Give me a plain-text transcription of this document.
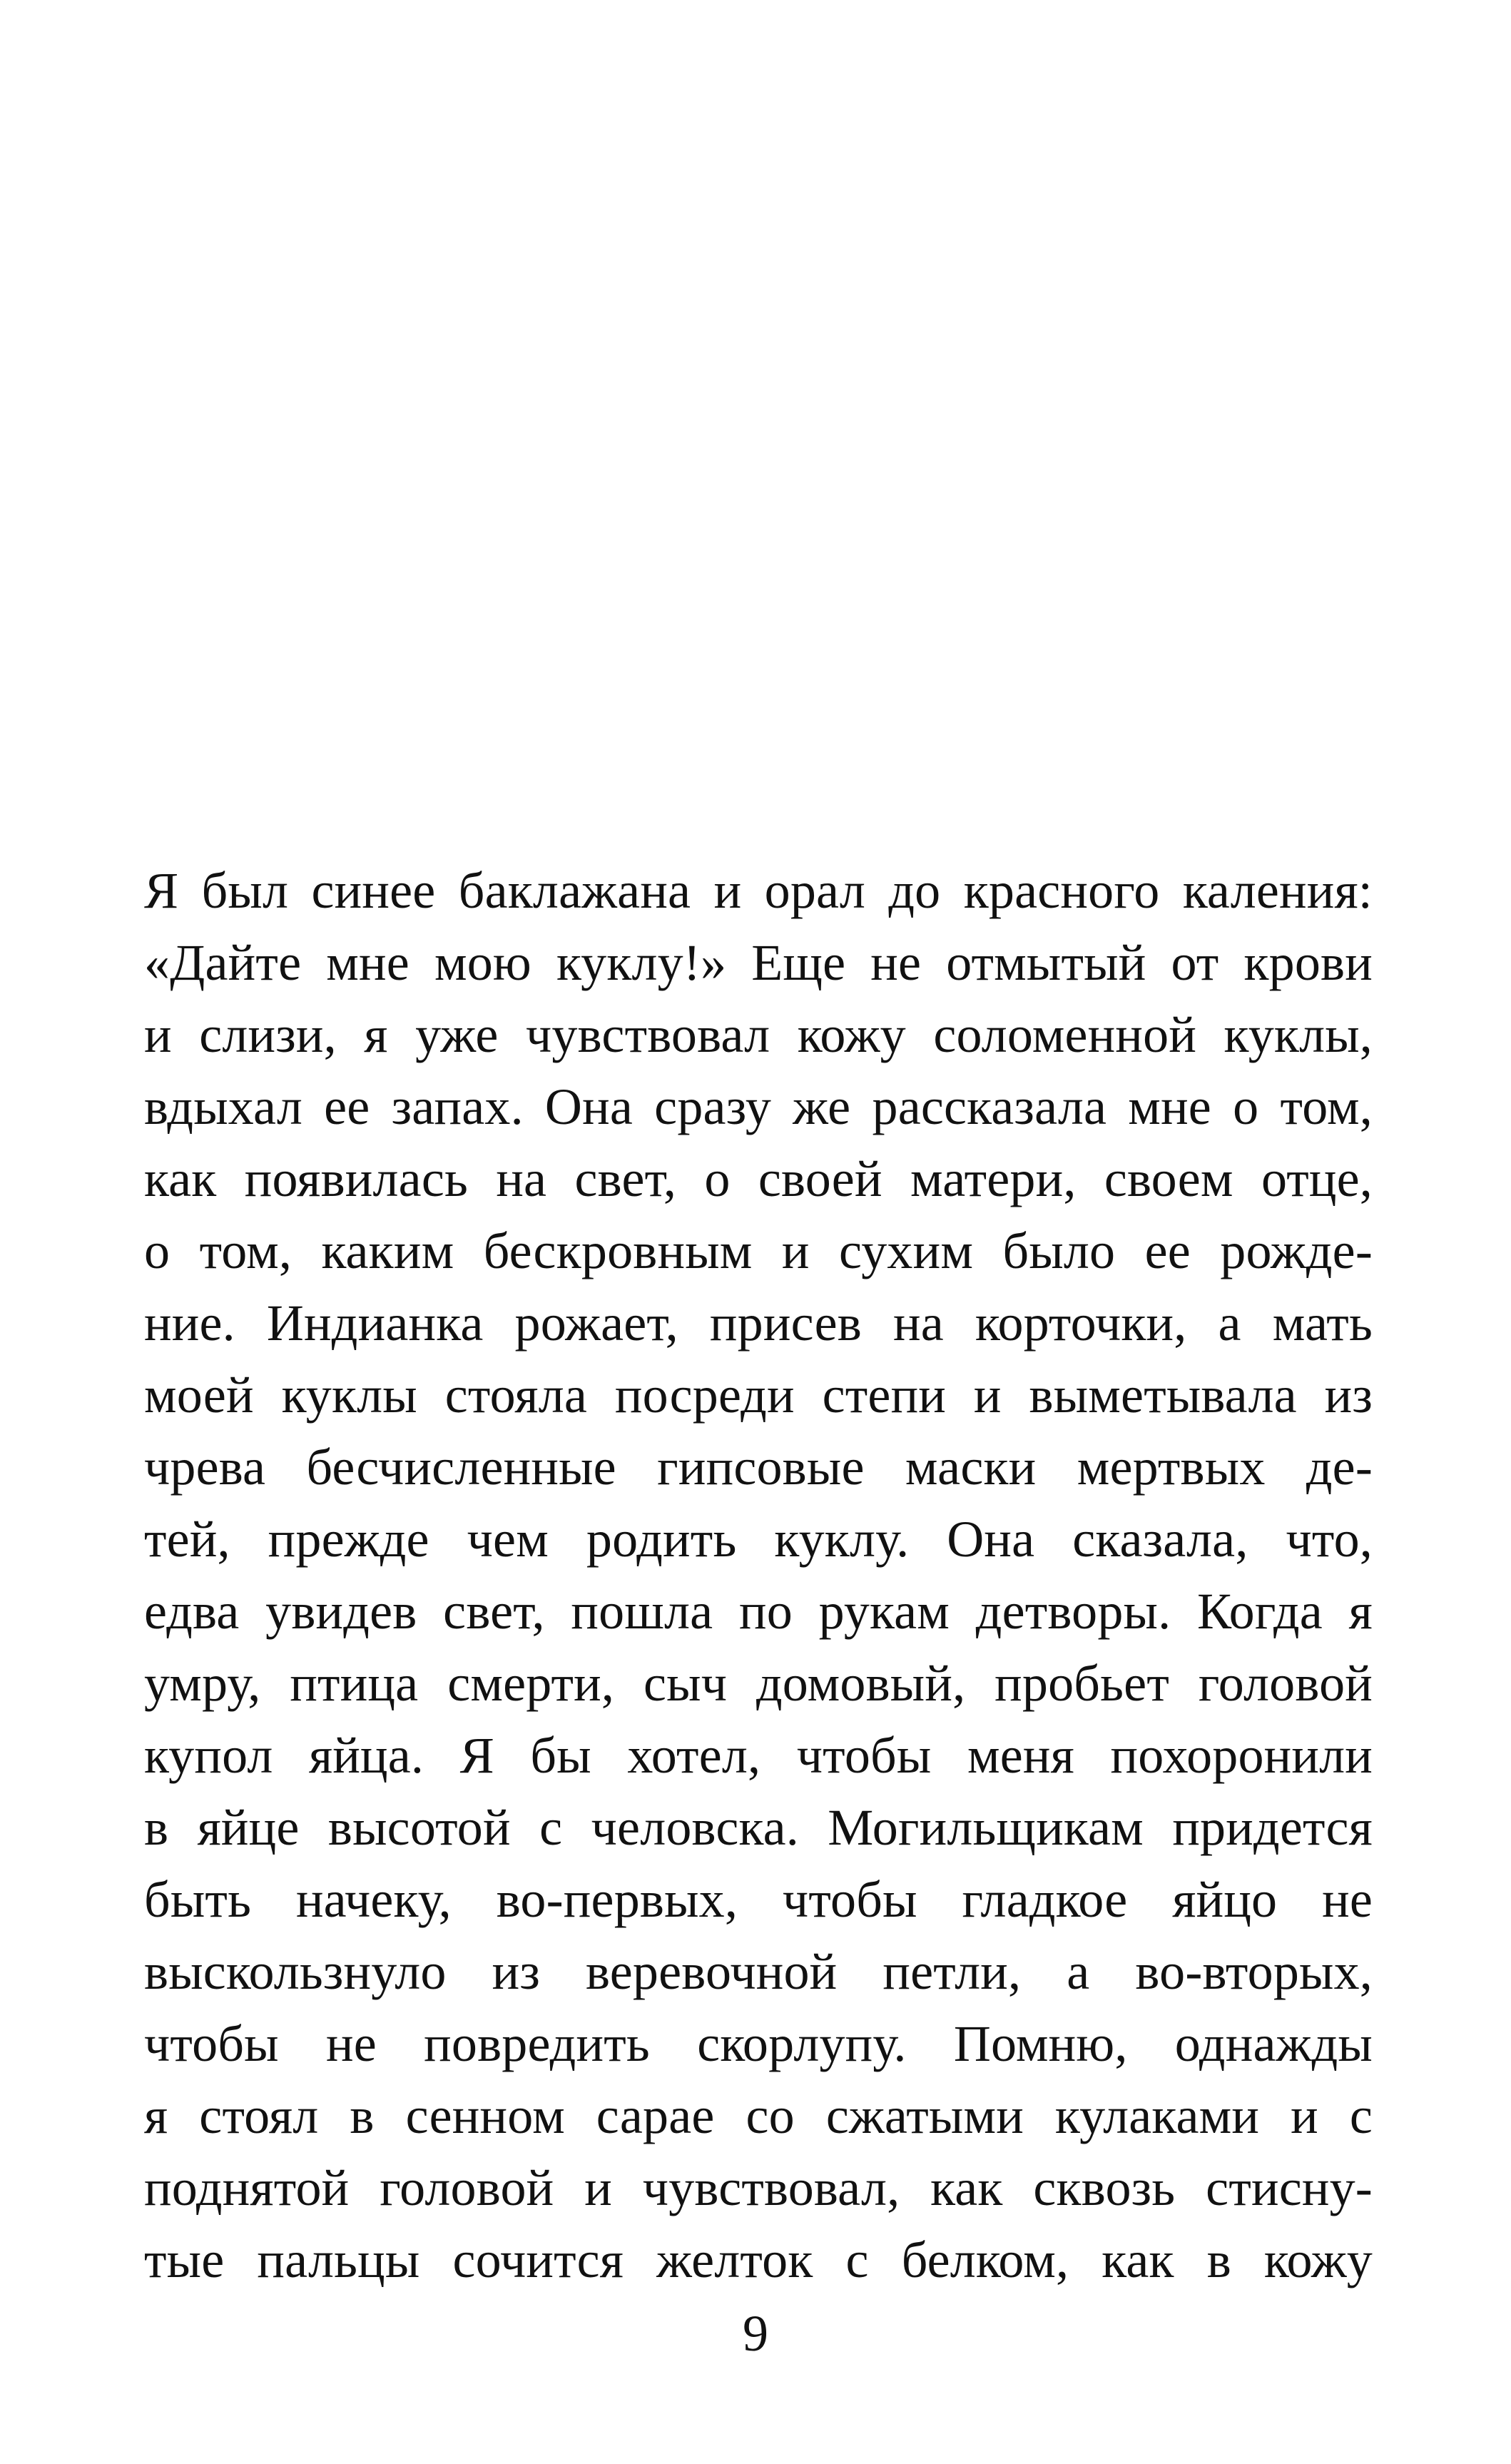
Я был синее баклажана и орал до красного каления:
«Дайте мне мою куклу!» Еще не отмытый от крови
и слизи, я уже чувствовал кожу соломенной куклы,
вдыхал ее запах. Она сразу же рассказала мне о том,
как появилась на свет, о своей матери, своем отце,
о том, каким бескровным и сухим было ее рожде-
ние. Индианка рожает, присев на корточки, а мать
моей куклы стояла посреди степи и выметывала из
чрева бесчисленные гипсовые маски мертвых де-
тей, прежде чем родить куклу. Она сказала, что,
едва увидев свет, пошла по рукам детворы. Когда я
умру, птица смерти, сыч домовый, пробьет головой
купол яйца. Я бы хотел, чтобы меня похоронили
в яйце высотой с человска. Могильщикам придется
быть начеку, во-первых, чтобы гладкое яйцо не
выскользнуло из веревочной петли, а во-вторых,
чтобы не повредить скорлупу. Помню, однажды
я стоял в сенном сарае со сжатыми кулаками и с
поднятой головой и чувствовал, как сквозь стисну-
тые пальцы сочится желток с белком, как в кожу
9
